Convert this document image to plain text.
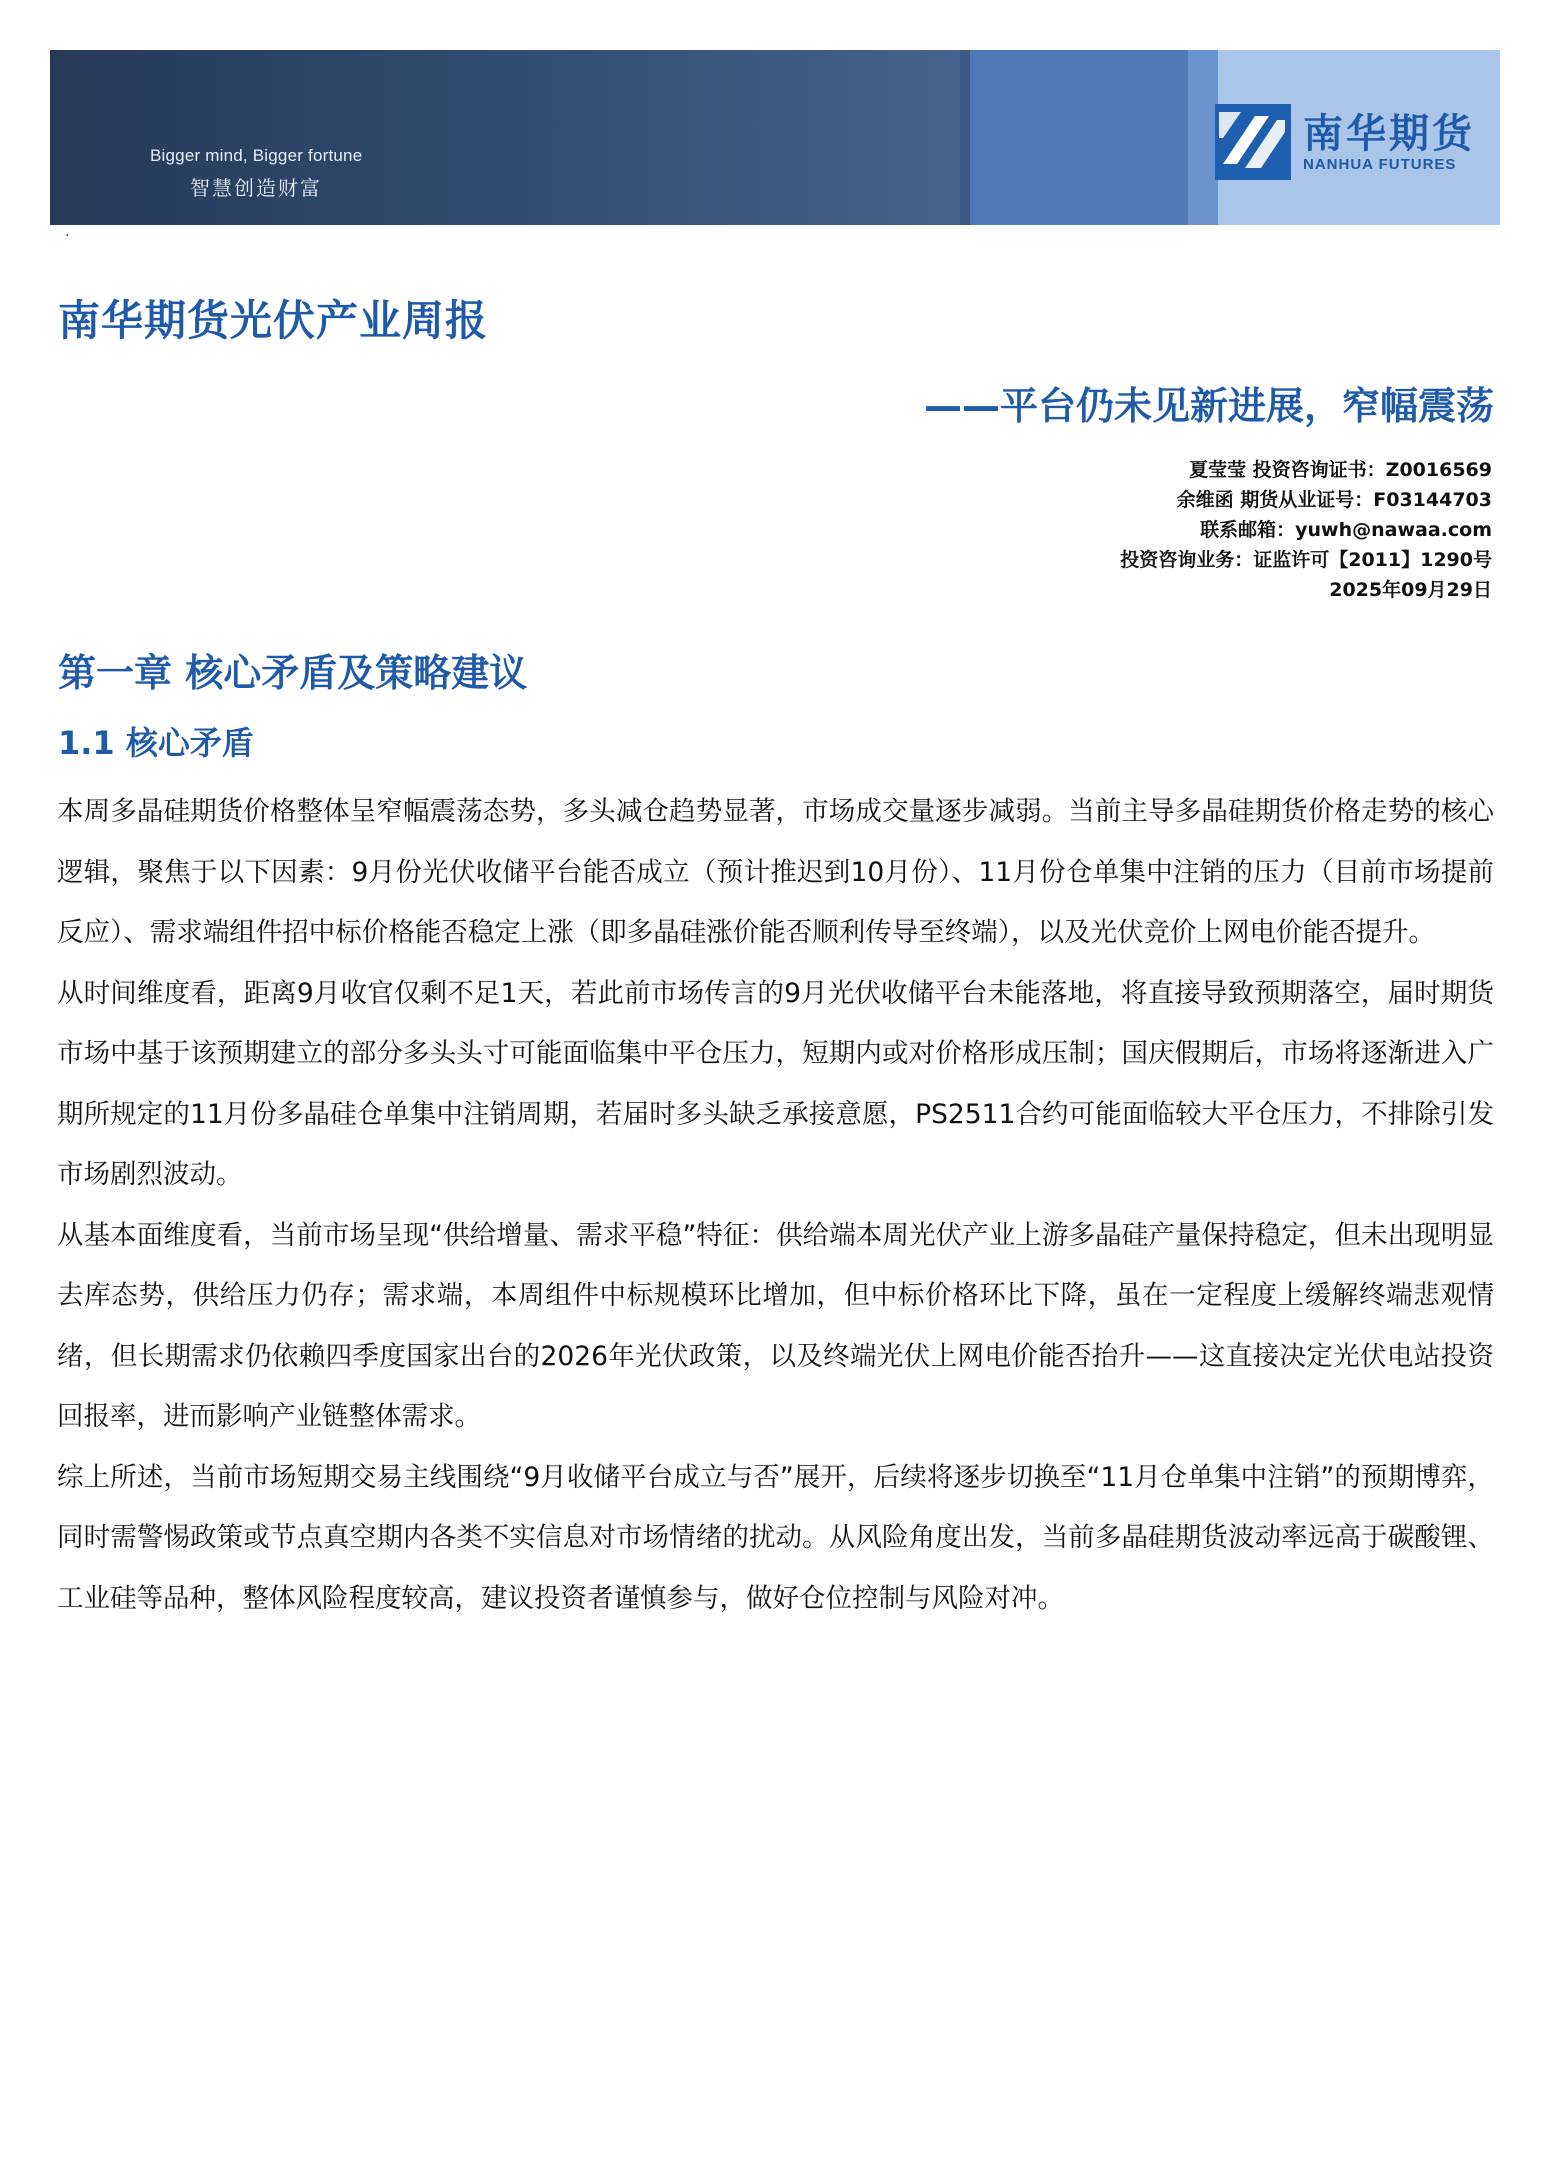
Bigger mind, Bigger fortune
智慧创造财富
南华期货
NANHUA FUTURES
·
南华期货光伏产业周报
——平台仍未见新进展，窄幅震荡
夏莹莹 投资咨询证书：Z0016569
余维函 期货从业证号：F03144703
联系邮箱：yuwh@nawaa.com
投资咨询业务：证监许可【2011】1290号
2025年09月29日
第一章 核心矛盾及策略建议
1.1 核心矛盾

本周多晶硅期货价格整体呈窄幅震荡态势，多头减仓趋势显著，市场成交量逐步减弱。当前主导多晶硅期货价格走势的核心逻辑，聚焦于以下因素：9月份光伏收储平台能否成立（预计推迟到10月份）、11月份仓单集中注销的压力（目前市场提前反应）、需求端组件招中标价格能否稳定上涨（即多晶硅涨价能否顺利传导至终端），以及光伏竞价上网电价能否提升。

从时间维度看，距离9月收官仅剩不足1天，若此前市场传言的9月光伏收储平台未能落地，将直接导致预期落空，届时期货市场中基于该预期建立的部分多头头寸可能面临集中平仓压力，短期内或对价格形成压制；国庆假期后，市场将逐渐进入广期所规定的11月份多晶硅仓单集中注销周期，若届时多头缺乏承接意愿，PS2511合约可能面临较大平仓压力，不排除引发市场剧烈波动。

从基本面维度看，当前市场呈现“供给增量、需求平稳”特征：供给端本周光伏产业上游多晶硅产量保持稳定，但未出现明显去库态势，供给压力仍存；需求端，本周组件中标规模环比增加，但中标价格环比下降，虽在一定程度上缓解终端悲观情绪，但长期需求仍依赖四季度国家出台的2026年光伏政策，以及终端光伏上网电价能否抬升——这直接决定光伏电站投资回报率，进而影响产业链整体需求。

综上所述，当前市场短期交易主线围绕“9月收储平台成立与否”展开，后续将逐步切换至“11月仓单集中注销”的预期博弈，同时需警惕政策或节点真空期内各类不实信息对市场情绪的扰动。从风险角度出发，当前多晶硅期货波动率远高于碳酸锂、工业硅等品种，整体风险程度较高，建议投资者谨慎参与，做好仓位控制与风险对冲。
